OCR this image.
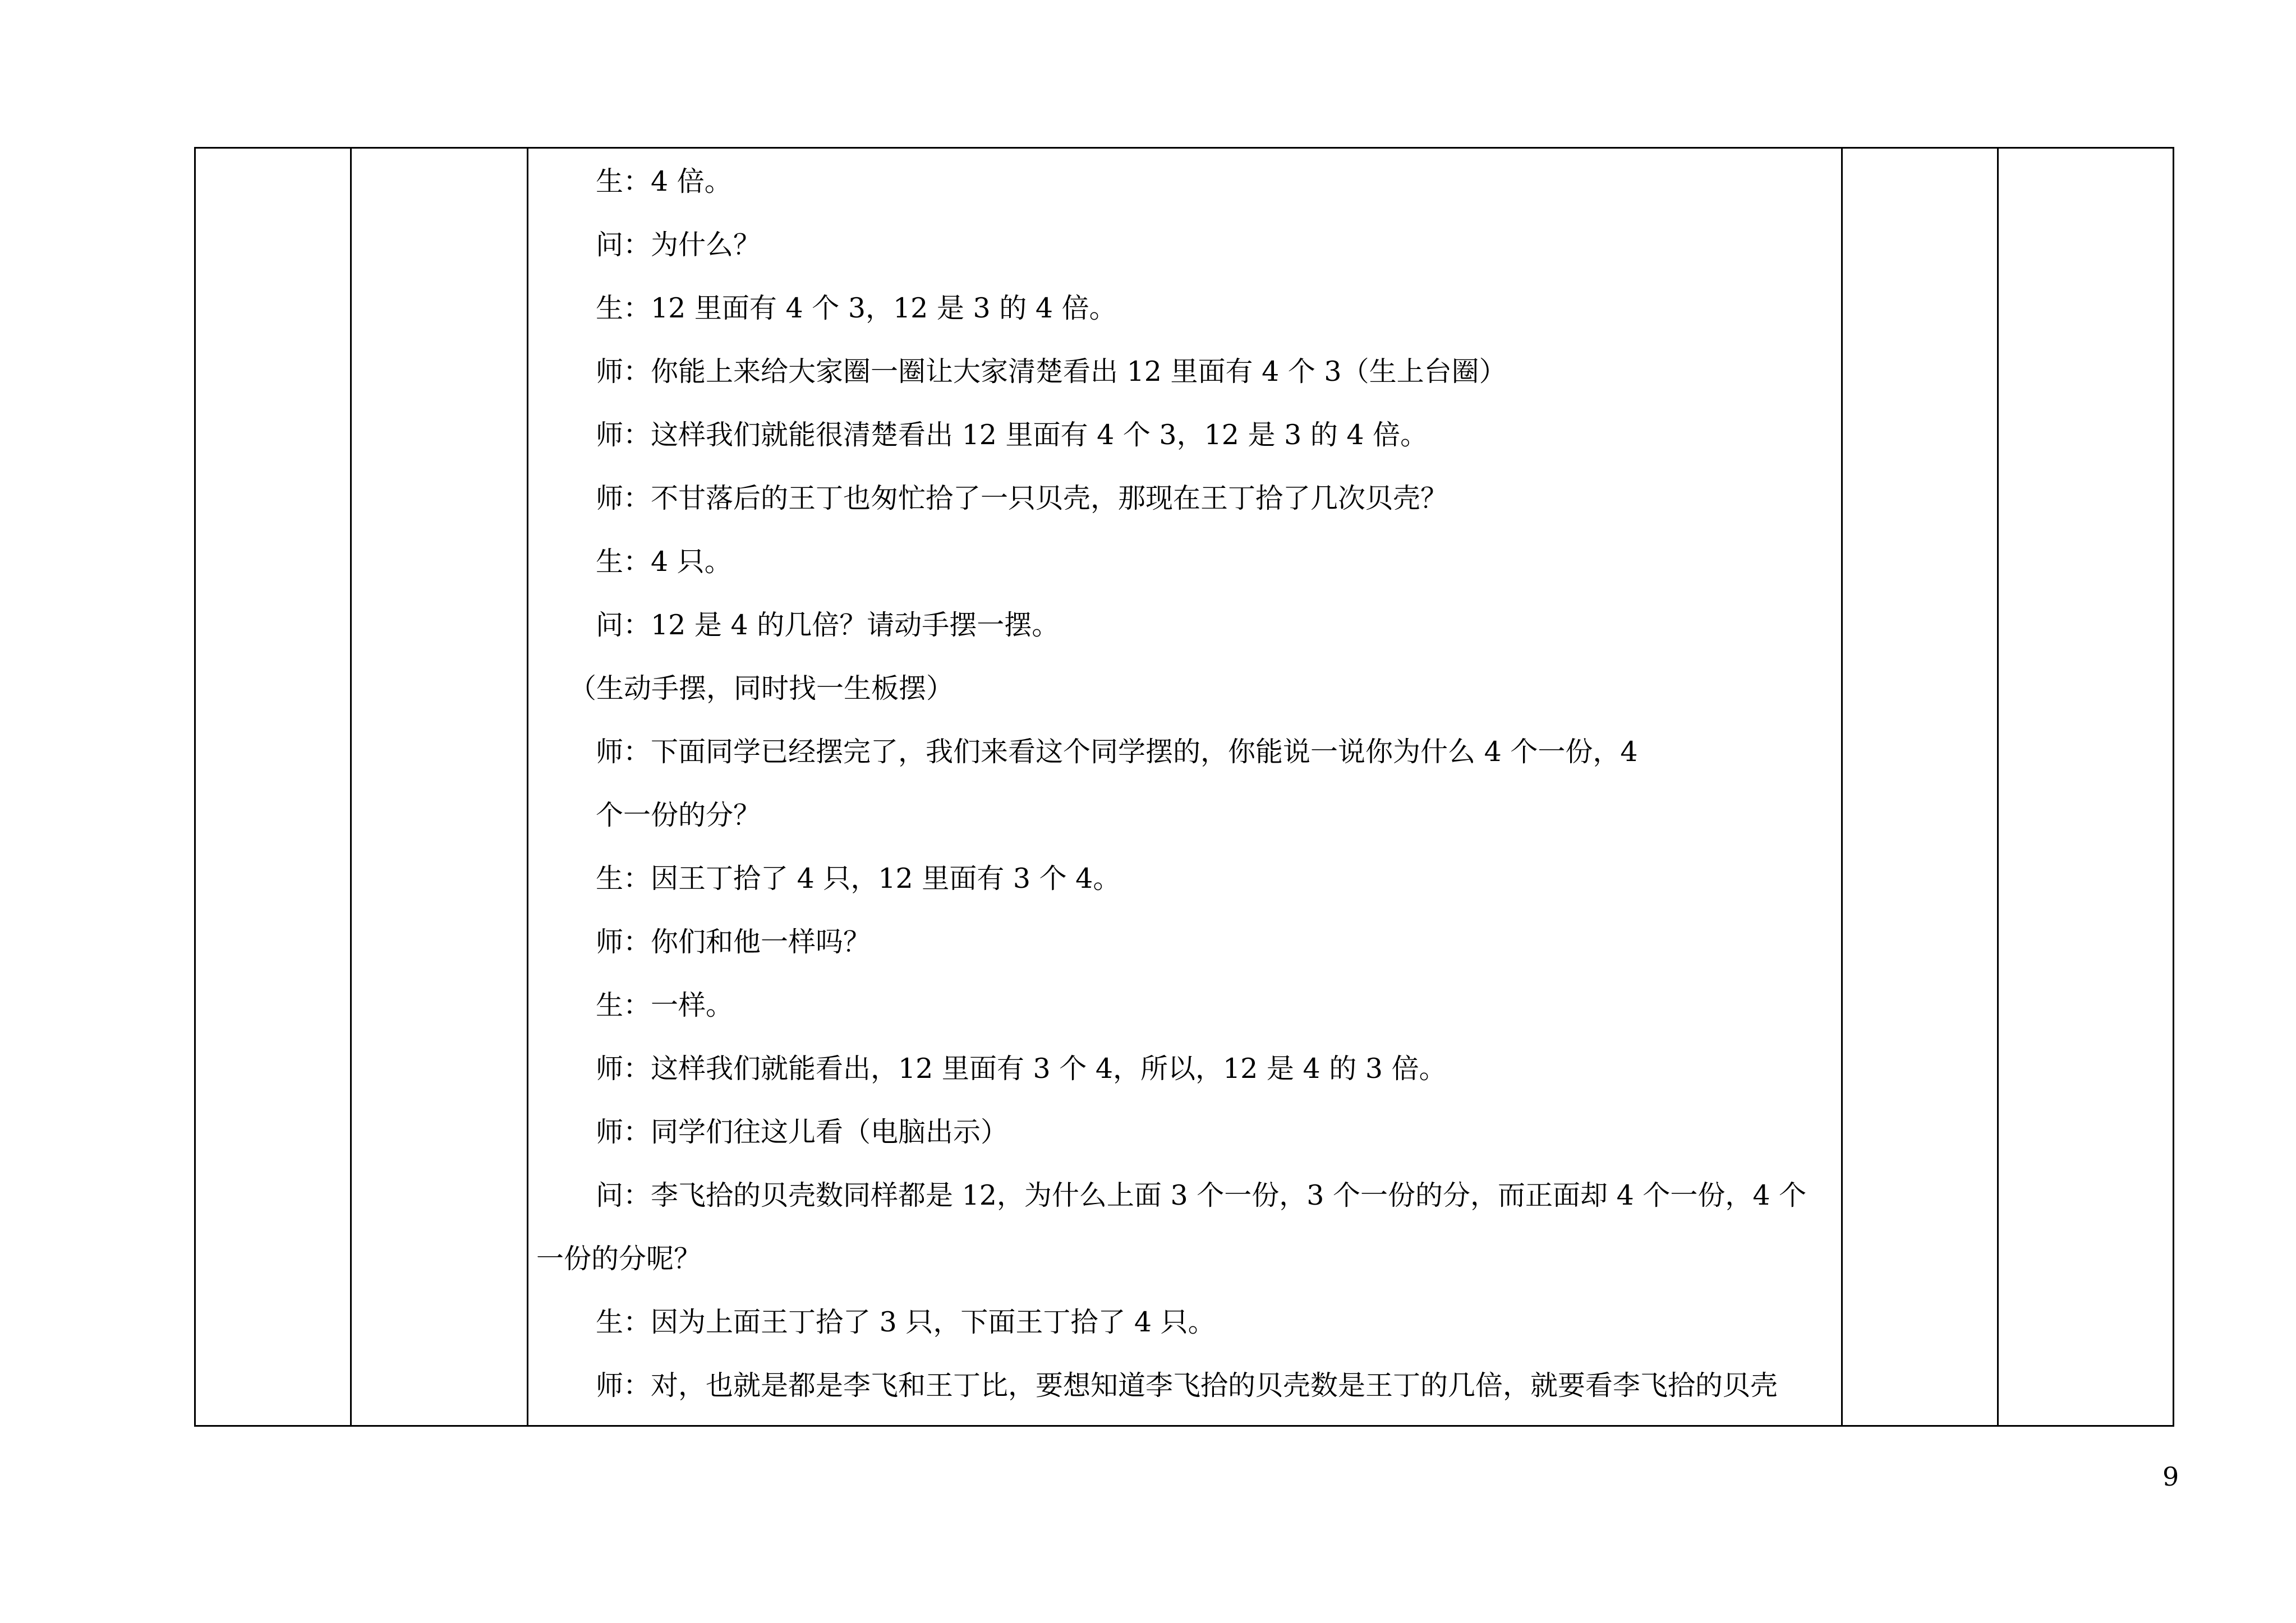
生：4 倍。
问：为什么？
生：12 里面有 4 个 3，12 是 3 的 4 倍。
师：你能上来给大家圈一圈让大家清楚看出 12 里面有 4 个 3（生上台圈）
师：这样我们就能很清楚看出 12 里面有 4 个 3，12 是 3 的 4 倍。
师：不甘落后的王丁也匆忙拾了一只贝壳，那现在王丁拾了几次贝壳？
生：4 只。
问：12 是 4 的几倍？请动手摆一摆。
（生动手摆，同时找一生板摆）
师：下面同学已经摆完了，我们来看这个同学摆的，你能说一说你为什么 4 个一份，4
个一份的分？
生：因王丁拾了 4 只，12 里面有 3 个 4。
师：你们和他一样吗？
生：一样。
师：这样我们就能看出，12 里面有 3 个 4，所以，12 是 4 的 3 倍。
师：同学们往这儿看（电脑出示）
问：李飞拾的贝壳数同样都是 12，为什么上面 3 个一份，3 个一份的分，而正面却 4 个一份，4 个
一份的分呢？
生：因为上面王丁拾了 3 只，下面王丁拾了 4 只。
师：对，也就是都是李飞和王丁比，要想知道李飞拾的贝壳数是王丁的几倍，就要看李飞拾的贝壳
9
